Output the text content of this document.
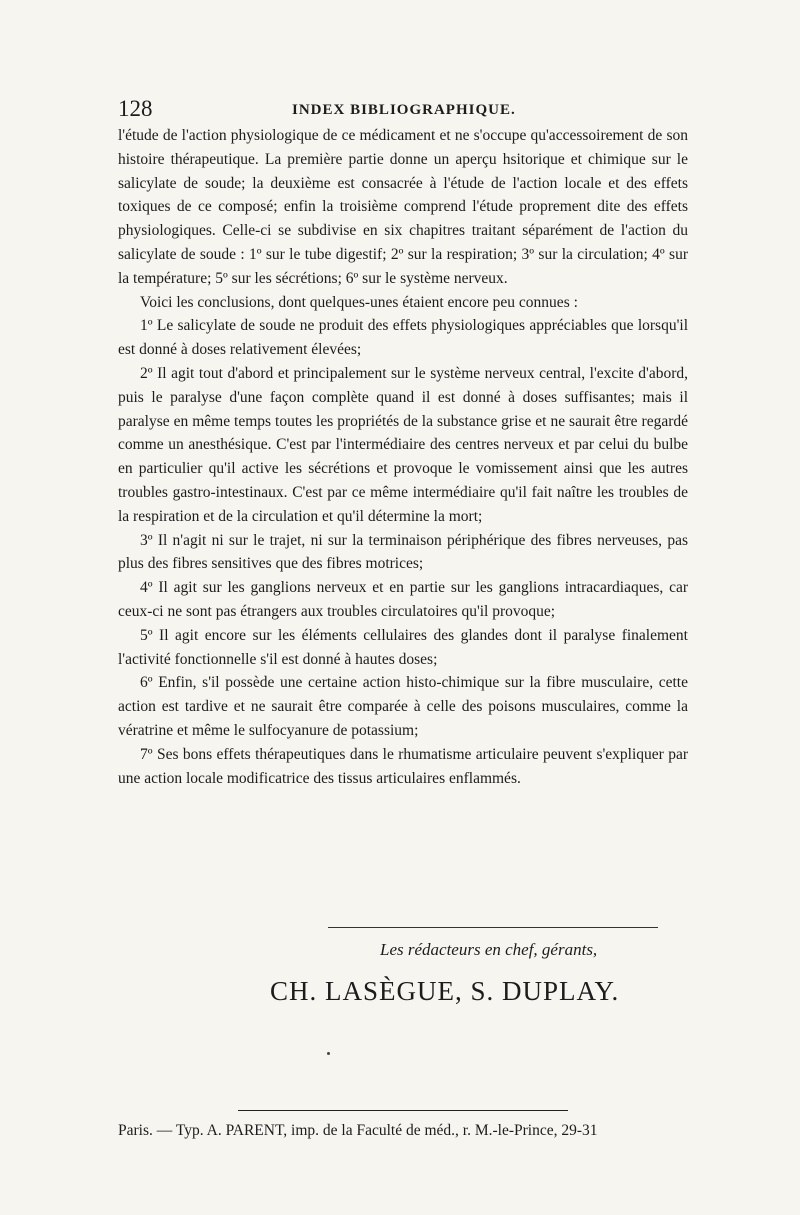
128	INDEX BIBLIOGRAPHIQUE.

l'étude de l'action physiologique de ce médicament et ne s'occupe qu'accessoirement de son histoire thérapeutique. La première partie donne un aperçu hsitorique et chimique sur le salicylate de soude; la deuxième est consacrée à l'étude de l'action locale et des effets toxiques de ce composé; enfin la troisième comprend l'étude proprement dite des effets physiologiques. Celle-ci se subdivise en six chapitres traitant séparément de l'action du salicylate de soude : 1º sur le tube digestif; 2º sur la respiration; 3º sur la circulation; 4º sur la température; 5º sur les sécrétions; 6º sur le système nerveux.

Voici les conclusions, dont quelques-unes étaient encore peu connues :

1º Le salicylate de soude ne produit des effets physiologiques appréciables que lorsqu'il est donné à doses relativement élevées;

2º Il agit tout d'abord et principalement sur le système nerveux central, l'excite d'abord, puis le paralyse d'une façon complète quand il est donné à doses suffisantes; mais il paralyse en même temps toutes les propriétés de la substance grise et ne saurait être regardé comme un anesthésique. C'est par l'intermédiaire des centres nerveux et par celui du bulbe en particulier qu'il active les sécrétions et provoque le vomissement ainsi que les autres troubles gastro-intestinaux. C'est par ce même intermédiaire qu'il fait naître les troubles de la respiration et de la circulation et qu'il détermine la mort;

3º Il n'agit ni sur le trajet, ni sur la terminaison périphérique des fibres nerveuses, pas plus des fibres sensitives que des fibres motrices;

4º Il agit sur les ganglions nerveux et en partie sur les ganglions intracardiaques, car ceux-ci ne sont pas étrangers aux troubles circulatoires qu'il provoque;

5º Il agit encore sur les éléments cellulaires des glandes dont il paralyse finalement l'activité fonctionnelle s'il est donné à hautes doses;

6º Enfin, s'il possède une certaine action histo-chimique sur la fibre musculaire, cette action est tardive et ne saurait être comparée à celle des poisons musculaires, comme la vératrine et même le sulfocyanure de potassium;

7º Ses bons effets thérapeutiques dans le rhumatisme articulaire peuvent s'expliquer par une action locale modificatrice des tissus articulaires enflammés.

Les rédacteurs en chef, gérants,
CH. LASÈGUE, S. DUPLAY.
Paris. — Typ. A. PARENT, imp. de la Faculté de méd., r. M.-le-Prince, 29-31
